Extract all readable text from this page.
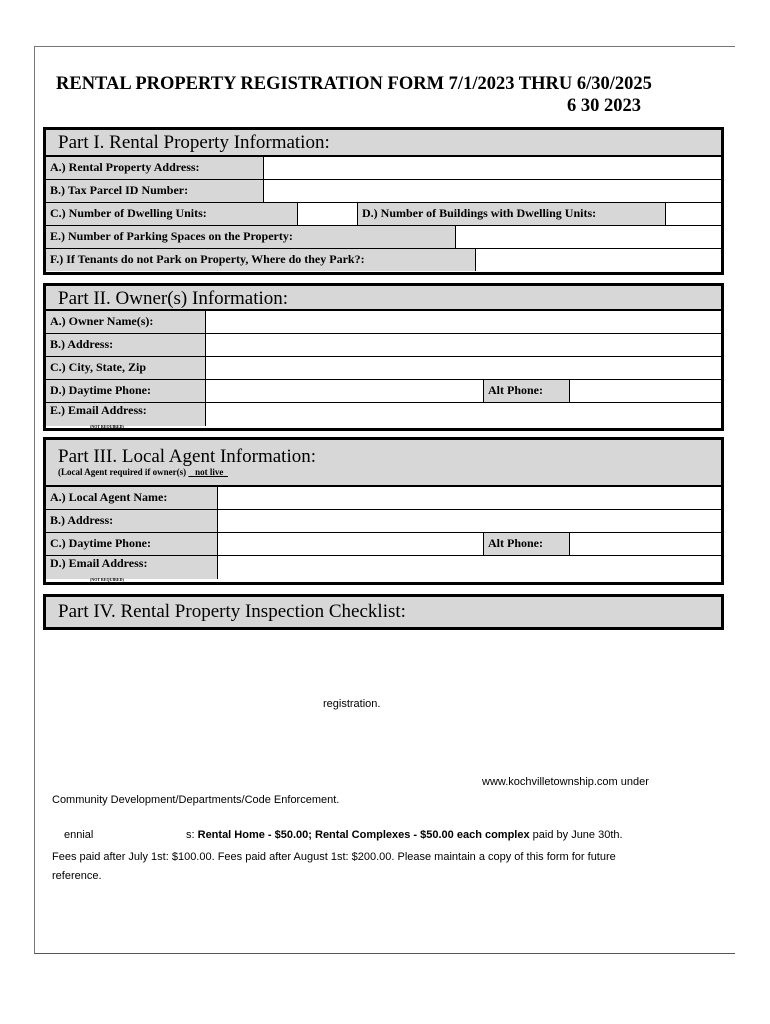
RENTAL PROPERTY REGISTRATION FORM 7/1/2023 THRU 6/30/2025
6 30 2023
Part I. Rental Property Information:
A.) Rental Property Address:
B.) Tax Parcel ID Number:
C.) Number of Dwelling Units:	D.) Number of Buildings with Dwelling Units:
E.) Number of Parking Spaces on the Property:
F.) If Tenants do not Park on Property, Where do they Park?:
Part II. Owner(s) Information:
A.) Owner Name(s):
B.) Address:
C.) City, State, Zip
D.) Daytime Phone:	Alt Phone:
E.) Email Address:
(NOT REQUIRED)
Part III. Local Agent Information:
(Local Agent required if owner(s) not live
A.) Local Agent Name:
B.) Address:
C.) Daytime Phone:	Alt Phone:
D.) Email Address:
(NOT REQUIRED)
Part IV. Rental Property Inspection Checklist:
registration.
www.kochvilletownship.com under
Community Development/Departments/Code Enforcement.
ennial	s: Rental Home - $50.00; Rental Complexes - $50.00 each complex paid by June 30th.
Fees paid after July 1st: $100.00. Fees paid after August 1st: $200.00. Please maintain a copy of this form for future
reference.
